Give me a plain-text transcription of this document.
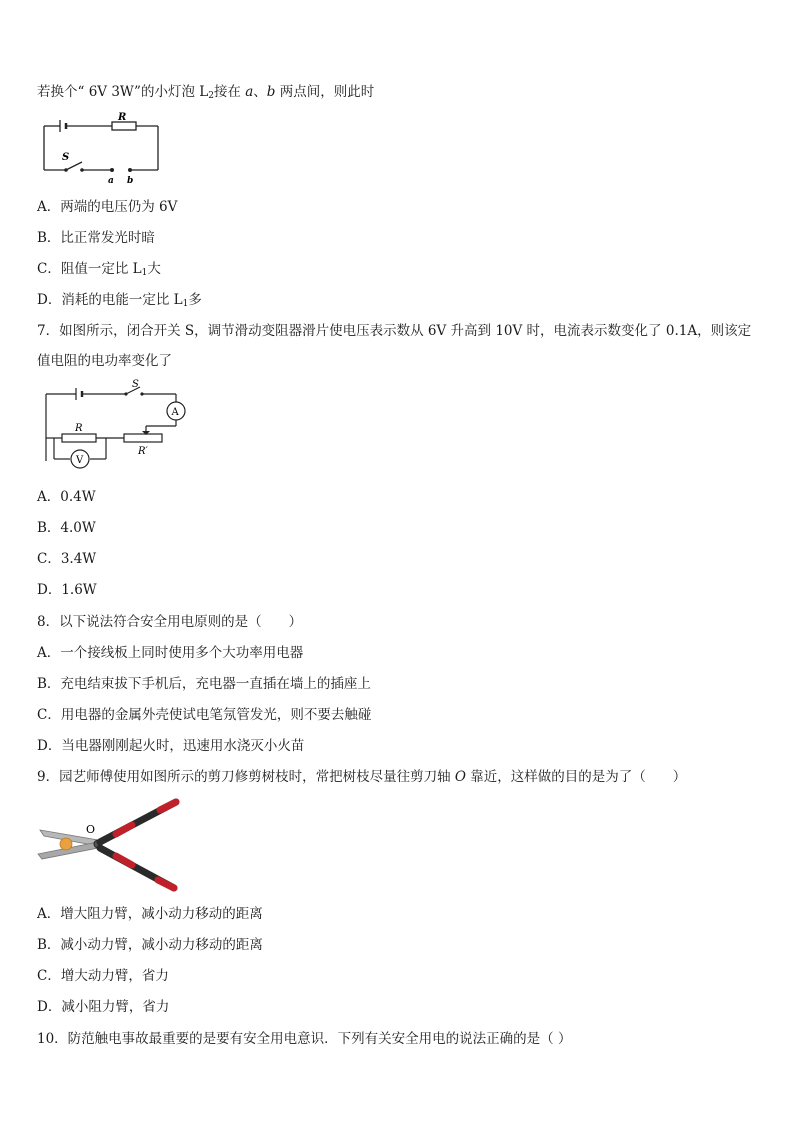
若换个“ 6V 3W”的小灯泡 $L_2$接在 a、b 两点间，则此时
R
S
a b
A．两端的电压仍为 6V
B．比正常发光时暗
C．阻值一定比 $L_1$大
D．消耗的电能一定比 $L_1$多
7．如图所示，闭合开关 S，调节滑动变阻器滑片使电压表示数从 6V 升高到 10V 时，电流表示数变化了 0.1A，则该定
值电阻的电功率变化了
S
A
R
V
R′
A．0.4W
B．4.0W
C．3.4W
D．1.6W
8．以下说法符合安全用电原则的是（　　）
A．一个接线板上同时使用多个大功率用电器
B．充电结束拔下手机后，充电器一直插在墙上的插座上
C．用电器的金属外壳使试电笔氖管发光，则不要去触碰
D．当电器刚刚起火时，迅速用水浇灭小火苗
9．园艺师傅使用如图所示的剪刀修剪树枝时，常把树枝尽量往剪刀轴 O 靠近，这样做的目的是为了（　　）
O
A．增大阻力臂，减小动力移动的距离
B．减小动力臂，减小动力移动的距离
C．增大动力臂，省力
D．减小阻力臂，省力
10．防范触电事故最重要的是要有安全用电意识．下列有关安全用电的说法正确的是（ ）
